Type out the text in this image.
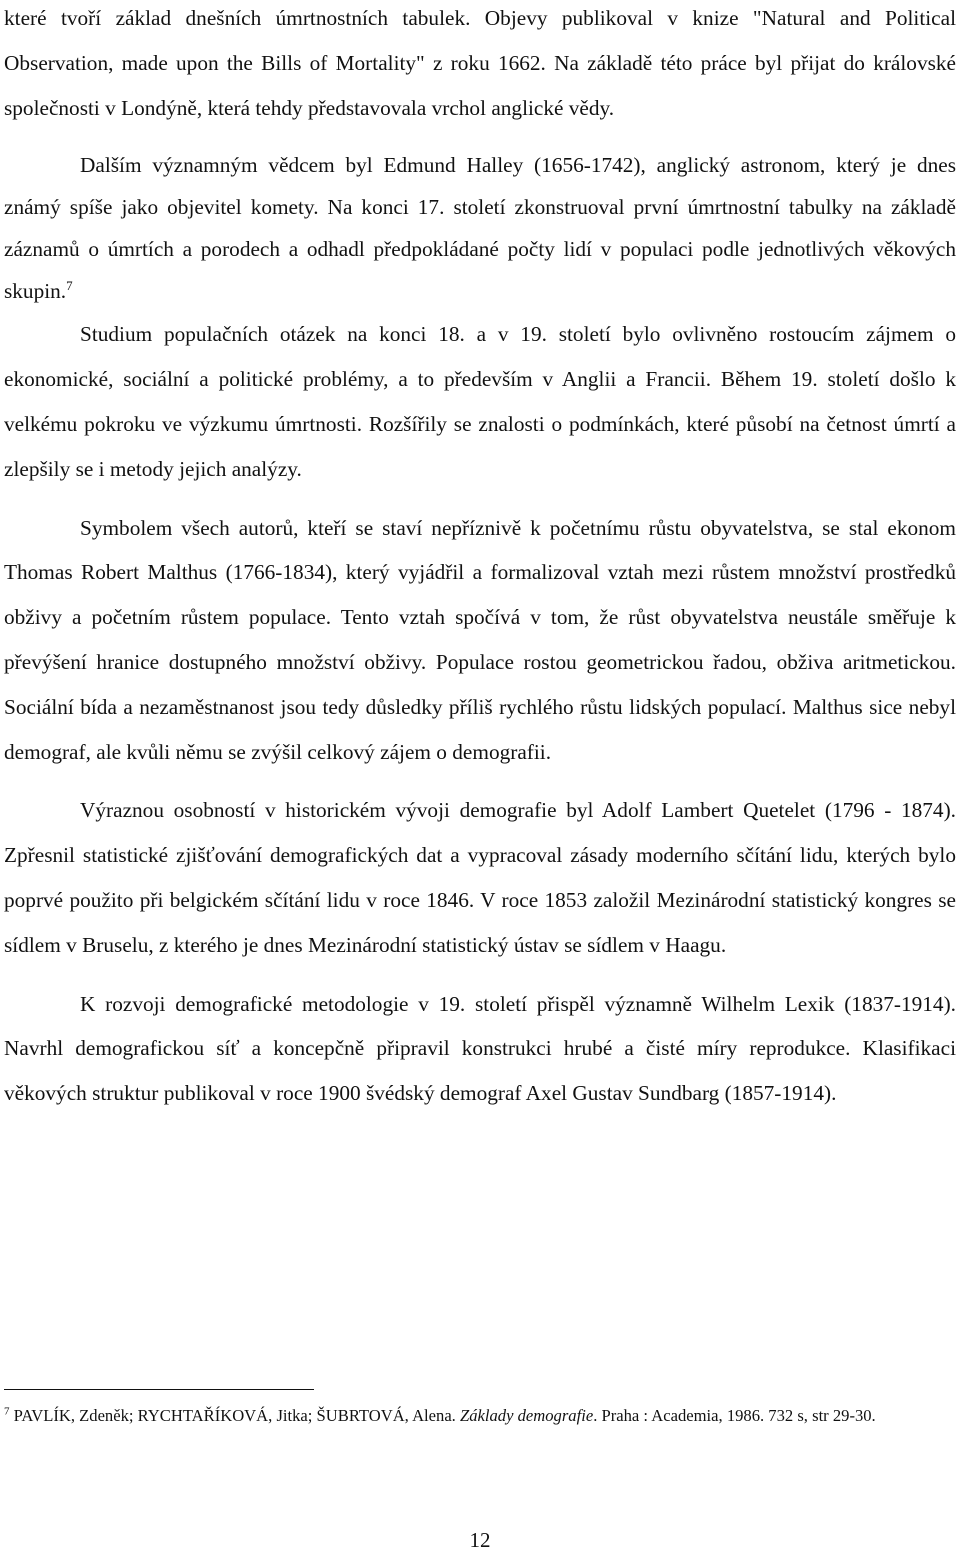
které tvoří základ dnešních úmrtnostních tabulek. Objevy publikoval v knize "Natural and Political Observation, made upon the Bills of Mortality" z roku 1662. Na základě této práce byl přijat do královské společnosti v Londýně, která tehdy představovala vrchol anglické vědy.

Dalším významným vědcem byl Edmund Halley (1656-1742), anglický astronom, který je dnes známý spíše jako objevitel komety. Na konci 17. století zkonstruoval první úmrtnostní tabulky na základě záznamů o úmrtích a porodech a odhadl předpokládané počty lidí v populaci podle jednotlivých věkových skupin.$^7$

Studium populačních otázek na konci 18. a v 19. století bylo ovlivněno rostoucím zájmem o ekonomické, sociální a politické problémy, a to především v Anglii a Francii. Během 19. století došlo k velkému pokroku ve výzkumu úmrtnosti. Rozšířily se znalosti o podmínkách, které působí na četnost úmrtí a zlepšily se i metody jejich analýzy.

Symbolem všech autorů, kteří se staví nepříznivě k početnímu růstu obyvatelstva, se stal ekonom Thomas Robert Malthus (1766-1834), který vyjádřil a formalizoval vztah mezi růstem množství prostředků obživy a početním růstem populace. Tento vztah spočívá v tom, že růst obyvatelstva neustále směřuje k převýšení hranice dostupného množství obživy. Populace rostou geometrickou řadou, obživa aritmetickou. Sociální bída a nezaměstnanost jsou tedy důsledky příliš rychlého růstu lidských populací. Malthus sice nebyl demograf, ale kvůli němu se zvýšil celkový zájem o demografii.

Výraznou osobností v historickém vývoji demografie byl Adolf Lambert Quetelet (1796 - 1874). Zpřesnil statistické zjišťování demografických dat a vypracoval zásady moderního sčítání lidu, kterých bylo poprvé použito při belgickém sčítání lidu v roce 1846. V roce 1853 založil Mezinárodní statistický kongres se sídlem v Bruselu, z kterého je dnes Mezinárodní statistický ústav se sídlem v Haagu.

K rozvoji demografické metodologie v 19. století přispěl významně Wilhelm Lexik (1837-1914). Navrhl demografickou síť a koncepčně připravil konstrukci hrubé a čisté míry reprodukce. Klasifikaci věkových struktur publikoval v roce 1900 švédský demograf Axel Gustav Sundbarg (1857-1914).

$^7$ PAVLÍK, Zdeněk; RYCHTAŘÍKOVÁ, Jitka; ŠUBRTOVÁ, Alena. Základy demografie. Praha : Academia, 1986. 732 s, str 29-30.
12
